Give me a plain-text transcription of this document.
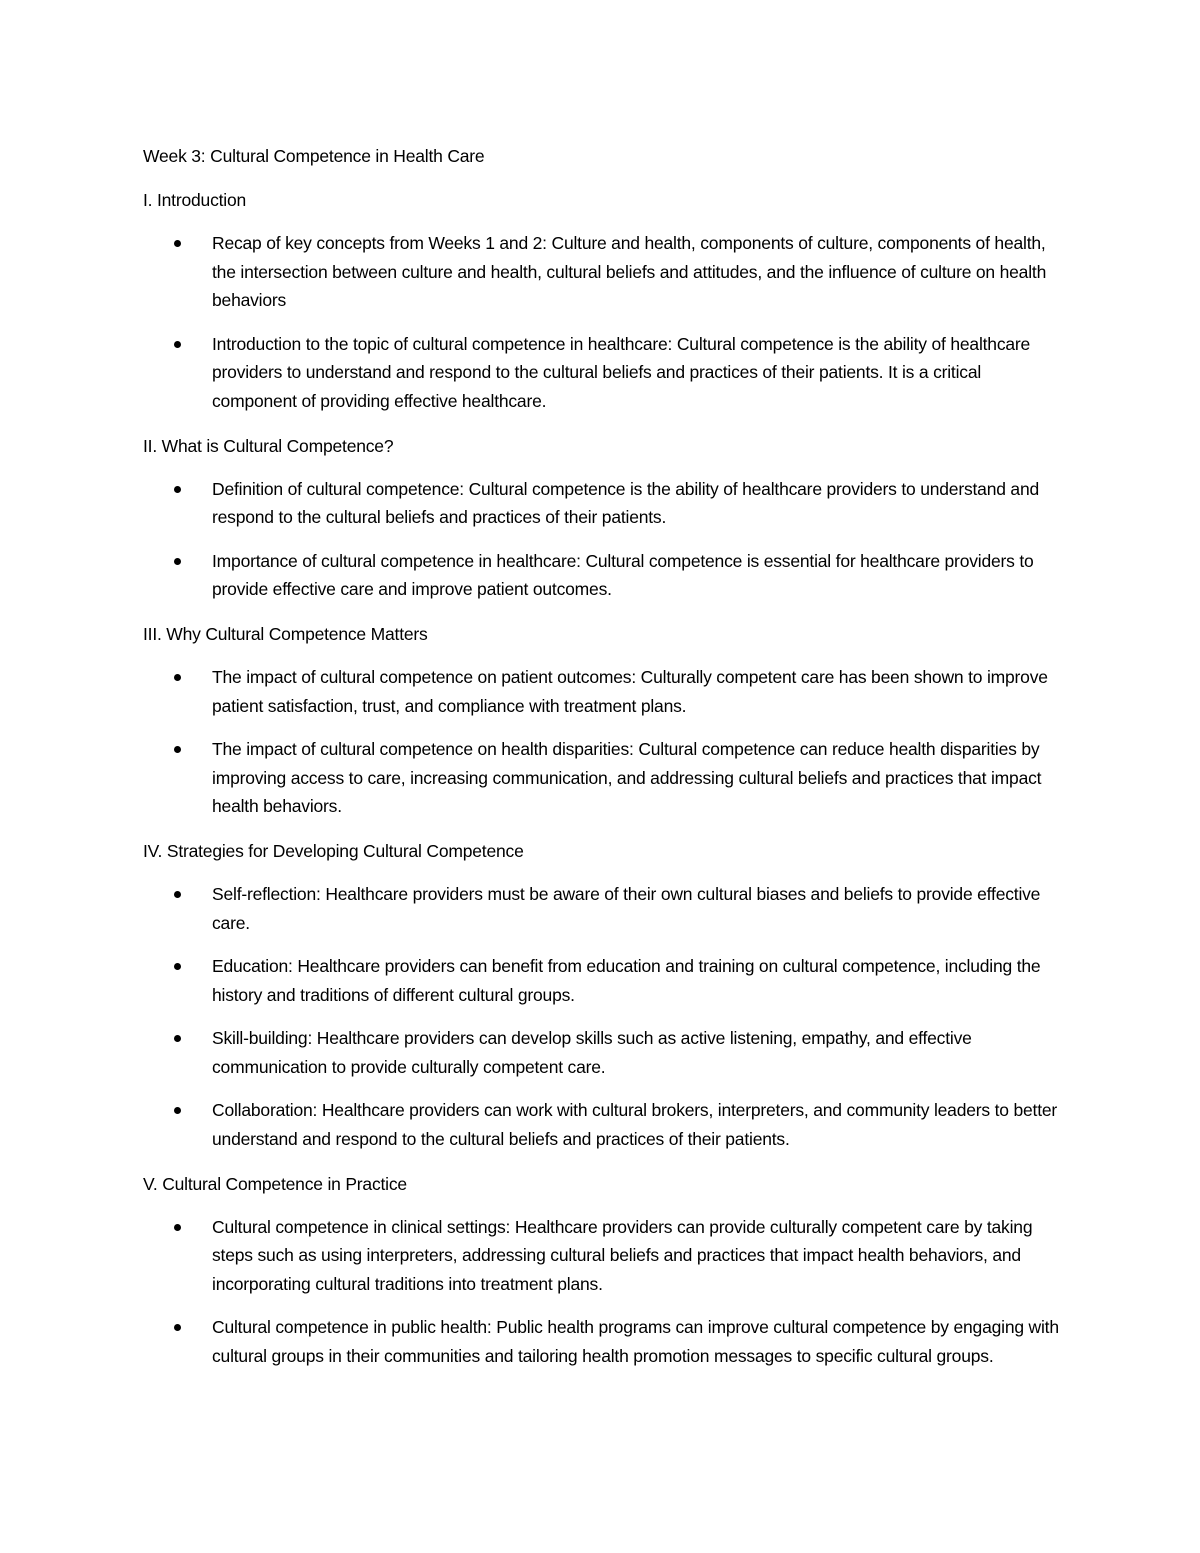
Week 3: Cultural Competence in Health Care

I. Introduction

Recap of key concepts from Weeks 1 and 2: Culture and health, components of culture, components of health, the intersection between culture and health, cultural beliefs and attitudes, and the influence of culture on health behaviors
Introduction to the topic of cultural competence in healthcare: Cultural competence is the ability of healthcare providers to understand and respond to the cultural beliefs and practices of their patients. It is a critical component of providing effective healthcare.

II. What is Cultural Competence?

Definition of cultural competence: Cultural competence is the ability of healthcare providers to understand and respond to the cultural beliefs and practices of their patients.
Importance of cultural competence in healthcare: Cultural competence is essential for healthcare providers to provide effective care and improve patient outcomes.

III. Why Cultural Competence Matters

The impact of cultural competence on patient outcomes: Culturally competent care has been shown to improve patient satisfaction, trust, and compliance with treatment plans.
The impact of cultural competence on health disparities: Cultural competence can reduce health disparities by improving access to care, increasing communication, and addressing cultural beliefs and practices that impact health behaviors.

IV. Strategies for Developing Cultural Competence

Self-reflection: Healthcare providers must be aware of their own cultural biases and beliefs to provide effective care.
Education: Healthcare providers can benefit from education and training on cultural competence, including the history and traditions of different cultural groups.
Skill-building: Healthcare providers can develop skills such as active listening, empathy, and effective communication to provide culturally competent care.
Collaboration: Healthcare providers can work with cultural brokers, interpreters, and community leaders to better understand and respond to the cultural beliefs and practices of their patients.

V. Cultural Competence in Practice

Cultural competence in clinical settings: Healthcare providers can provide culturally competent care by taking steps such as using interpreters, addressing cultural beliefs and practices that impact health behaviors, and incorporating cultural traditions into treatment plans.
Cultural competence in public health: Public health programs can improve cultural competence by engaging with cultural groups in their communities and tailoring health promotion messages to specific cultural groups.
